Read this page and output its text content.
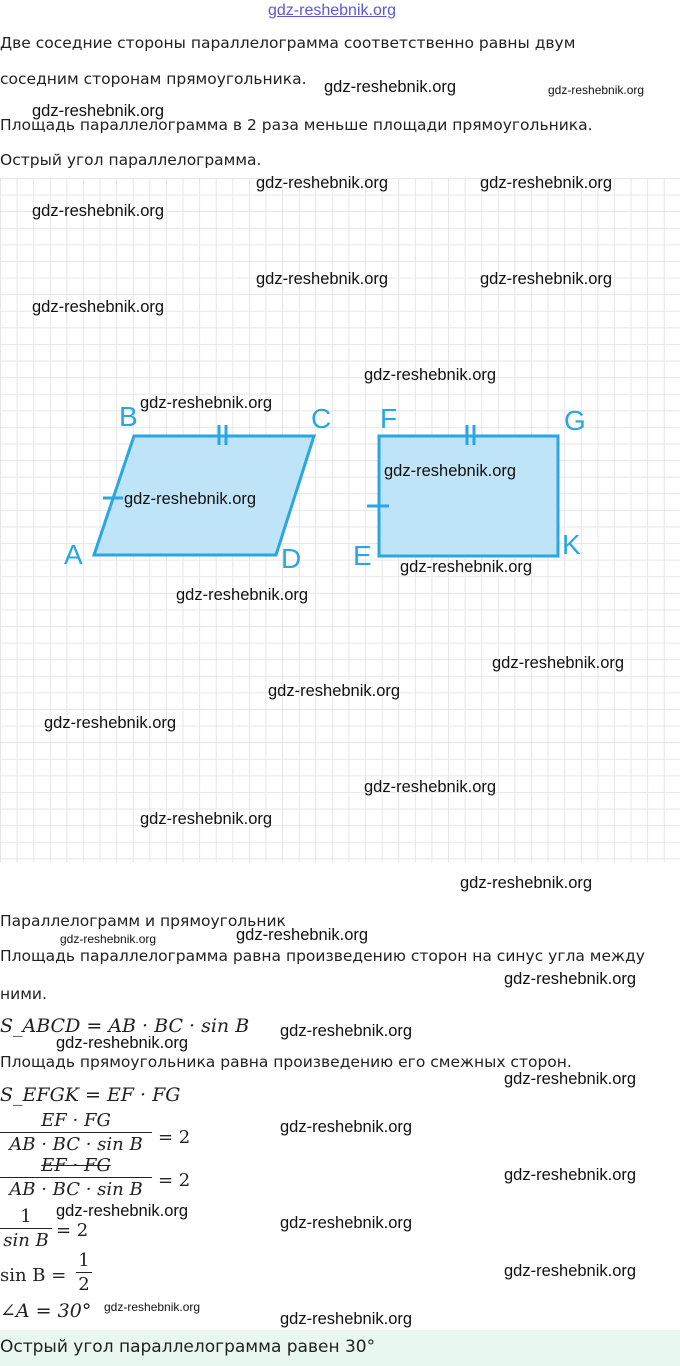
gdz-reshebnik.org
Две соседние стороны параллелограмма соответственно равны двум
соседним сторонам прямоугольника.
Площадь параллелограмма в 2 раза меньше площади прямоугольника.
Острый угол параллелограмма.
A
B	C
D E
F	G
K
Параллелограмм и прямоугольник
Площадь параллелограмма равна произведению сторон на синус угла между
ними.
S_ABCD = AB · BC · sin B
Площадь прямоугольника равна произведению его смежных сторон.
S_EFGK = EF · FG
EF · FG
AB · BC · sin B = 2
EF · FG
AB · BC · sin B = 2
1
sin B = 2
sin B =
1
2
∠A = 30°
Острый угол параллелограмма равен 30°
gdz-reshebnik.org	gdz-reshebnik.org
gdz-reshebnik.org
gdz-reshebnik.org	gdz-reshebnik.org
gdz-reshebnik.org
gdz-reshebnik.org	gdz-reshebnik.org
gdz-reshebnik.org
gdz-reshebnik.org
gdz-reshebnik.org
gdz-reshebnik.org
gdz-reshebnik.org
gdz-reshebnik.org
gdz-reshebnik.org
gdz-reshebnik.org
gdz-reshebnik.org
gdz-reshebnik.org
gdz-reshebnik.org
gdz-reshebnik.org
gdz-reshebnik.org
gdz-reshebnik.org	gdz-reshebnik.org
gdz-reshebnik.org
gdz-reshebnik.org
gdz-reshebnik.org
gdz-reshebnik.org
gdz-reshebnik.org
gdz-reshebnik.org
gdz-reshebnik.org
gdz-reshebnik.org
gdz-reshebnik.org
gdz-reshebnik.org
gdz-reshebnik.org
